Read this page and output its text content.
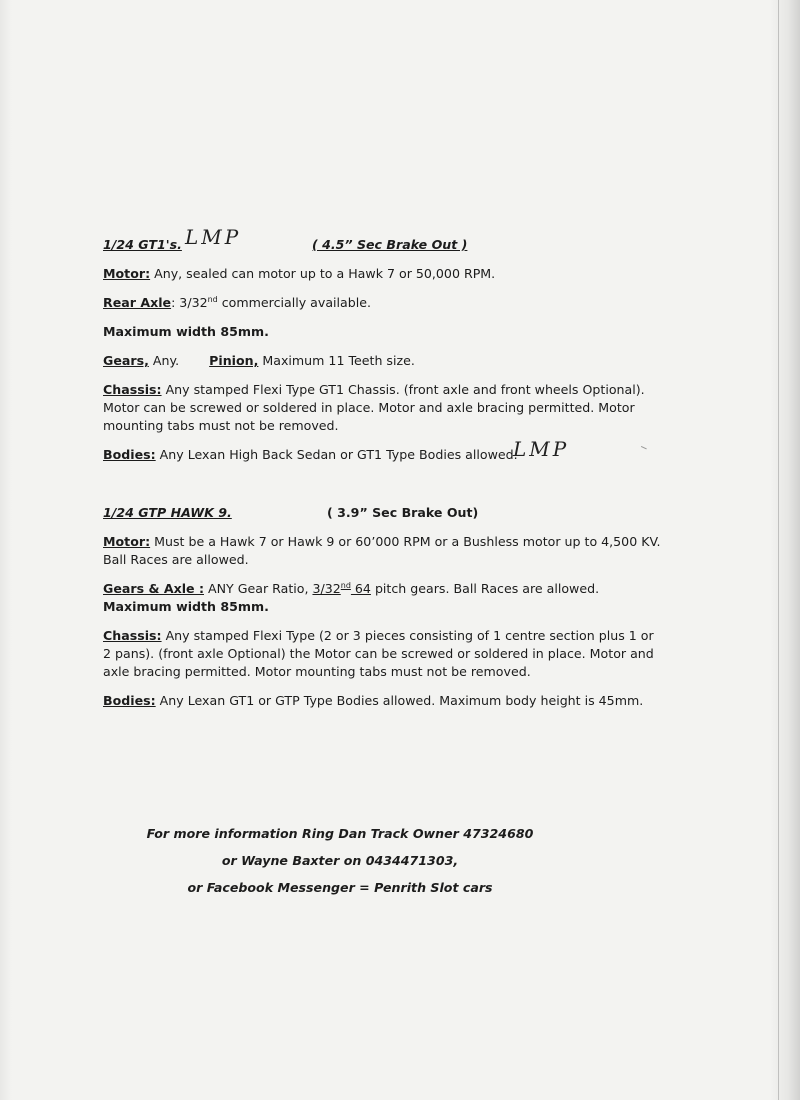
1/24 GT1's. LMP	( 4.5” Sec Brake Out )

Motor: Any, sealed can motor up to a Hawk 7 or 50,000 RPM.

Rear Axle: 3/32nd commercially available.

Maximum width 85mm.

Gears, Any. Pinion, Maximum 11 Teeth size.

Chassis: Any stamped Flexi Type GT1 Chassis. (front axle and front wheels Optional). Motor can be screwed or soldered in place. Motor and axle bracing permitted. Motor mounting tabs must not be removed.

Bodies: Any Lexan High Back Sedan or GT1 Type Bodies allowed.
LMP

1/24 GTP HAWK 9.	( 3.9” Sec Brake Out)

Motor: Must be a Hawk 7 or Hawk 9 or 60’000 RPM or a Bushless motor up to 4,500 KV. Ball Races are allowed.

Gears & Axle : ANY Gear Ratio, 3/32nd 64 pitch gears. Ball Races are allowed.

Maximum width 85mm.

Chassis: Any stamped Flexi Type (2 or 3 pieces consisting of 1 centre section plus 1 or 2 pans). (front axle Optional) the Motor can be screwed or soldered in place. Motor and axle bracing permitted. Motor mounting tabs must not be removed.

Bodies: Any Lexan GT1 or GTP Type Bodies allowed. Maximum body height is 45mm.

For more information Ring Dan Track Owner 47324680
or Wayne Baxter on 0434471303,
or Facebook Messenger = Penrith Slot cars
